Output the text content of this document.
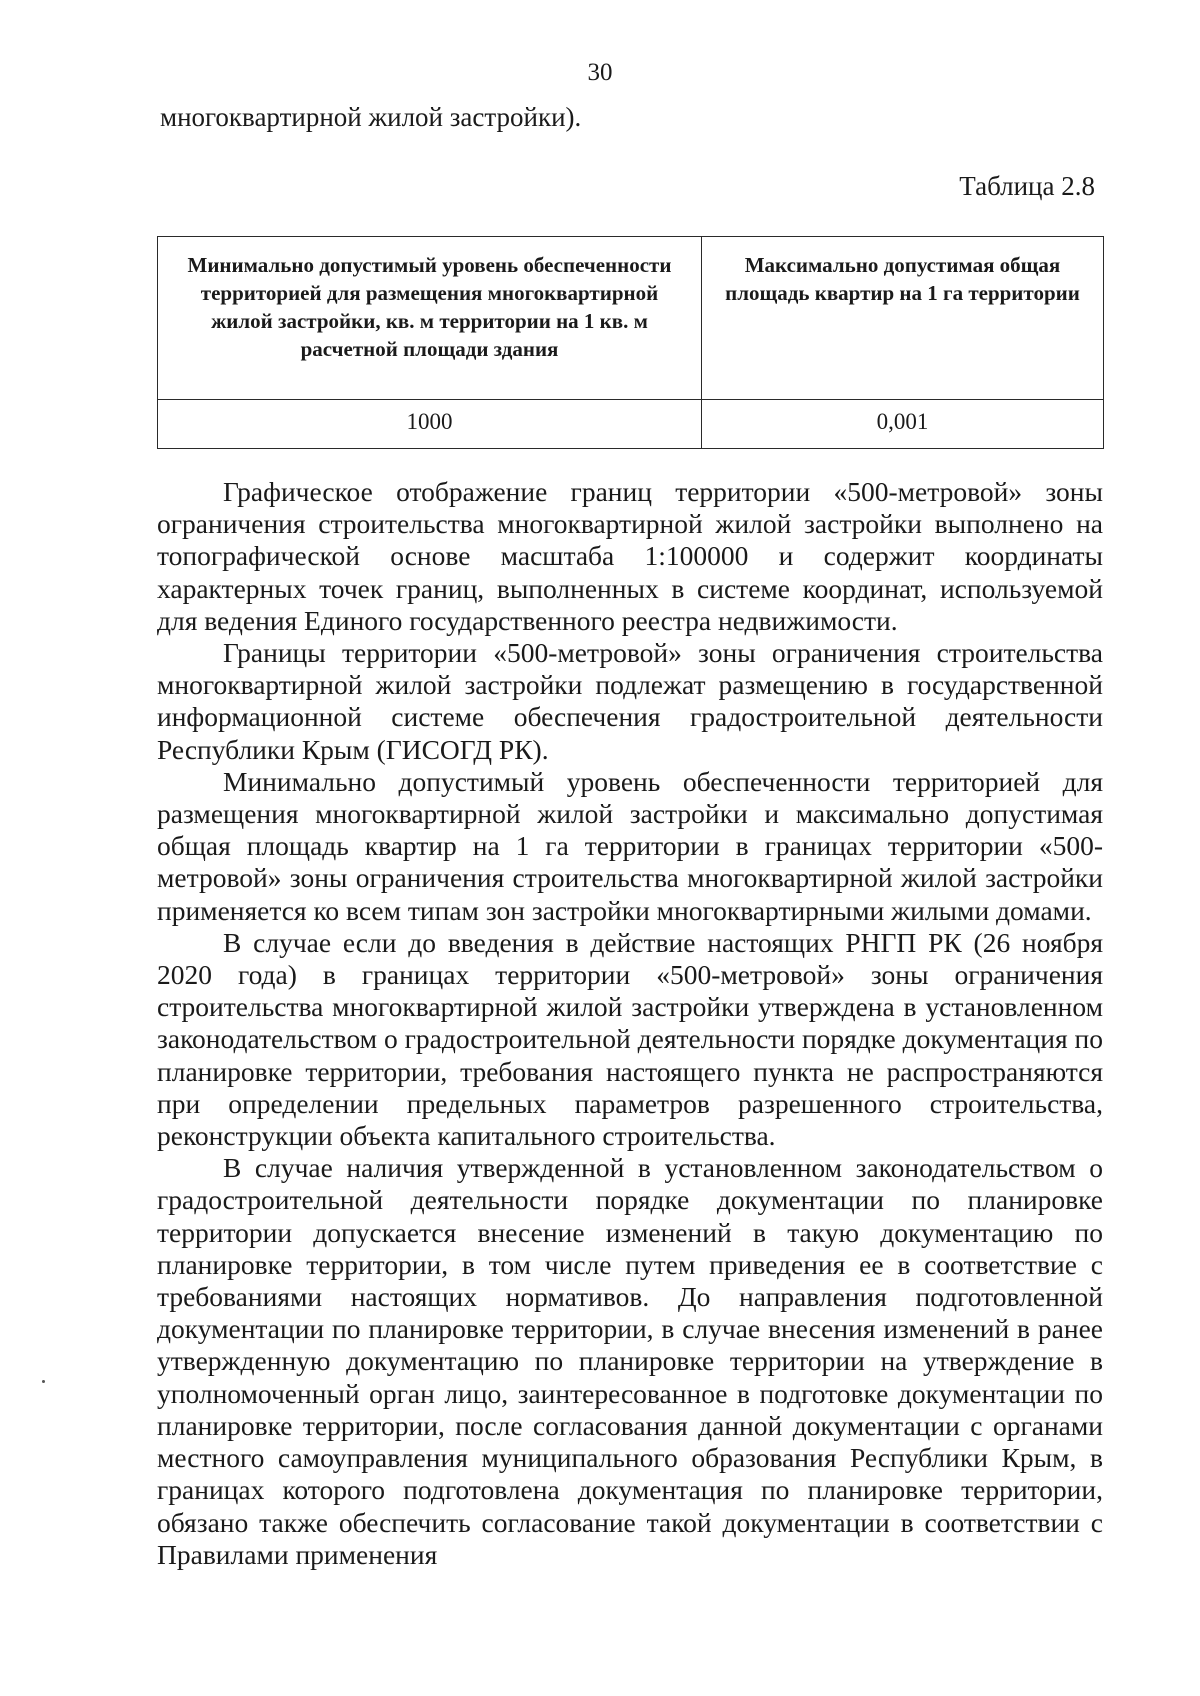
30
многоквартирной жилой застройки).
Таблица 2.8
Минимально допустимый уровень обеспеченности территорией для размещения многоквартирной жилой застройки, кв. м территории на 1 кв. м расчетной площади здания	Максимально допустимая общая площадь квартир на 1 га территории
1000	0,001

Графическое отображение границ территории «500-метровой» зоны ограничения строительства многоквартирной жилой застройки выполнено на топографической основе масштаба 1:100000 и содержит координаты характерных точек границ, выполненных в системе координат, используемой для ведения Единого государственного реестра недвижимости.

Границы территории «500-метровой» зоны ограничения строительства многоквартирной жилой застройки подлежат размещению в государственной информационной системе обеспечения градостроительной деятельности Республики Крым (ГИСОГД РК).

Минимально допустимый уровень обеспеченности территорией для размещения многоквартирной жилой застройки и максимально допустимая общая площадь квартир на 1 га территории в границах территории «500-метровой» зоны ограничения строительства многоквартирной жилой застройки применяется ко всем типам зон застройки многоквартирными жилыми домами.

В случае если до введения в действие настоящих РНГП РК (26 ноября 2020 года) в границах территории «500-метровой» зоны ограничения строительства многоквартирной жилой застройки утверждена в установленном законодательством о градостроительной деятельности порядке документация по планировке территории, требования настоящего пункта не распространяются при определении предельных параметров разрешенного строительства, реконструкции объекта капитального строительства.

В случае наличия утвержденной в установленном законодательством о градостроительной деятельности порядке документации по планировке территории допускается внесение изменений в такую документацию по планировке территории, в том числе путем приведения ее в соответствие с требованиями настоящих нормативов. До направления подготовленной документации по планировке территории, в случае внесения изменений в ранее утвержденную документацию по планировке территории на утверждение в уполномоченный орган лицо, заинтересованное в подготовке документации по планировке территории, после согласования данной документации с органами местного самоуправления муниципального образования Республики Крым, в границах которого подготовлена документация по планировке территории, обязано также обеспечить согласование такой документации в соответствии с Правилами применения
